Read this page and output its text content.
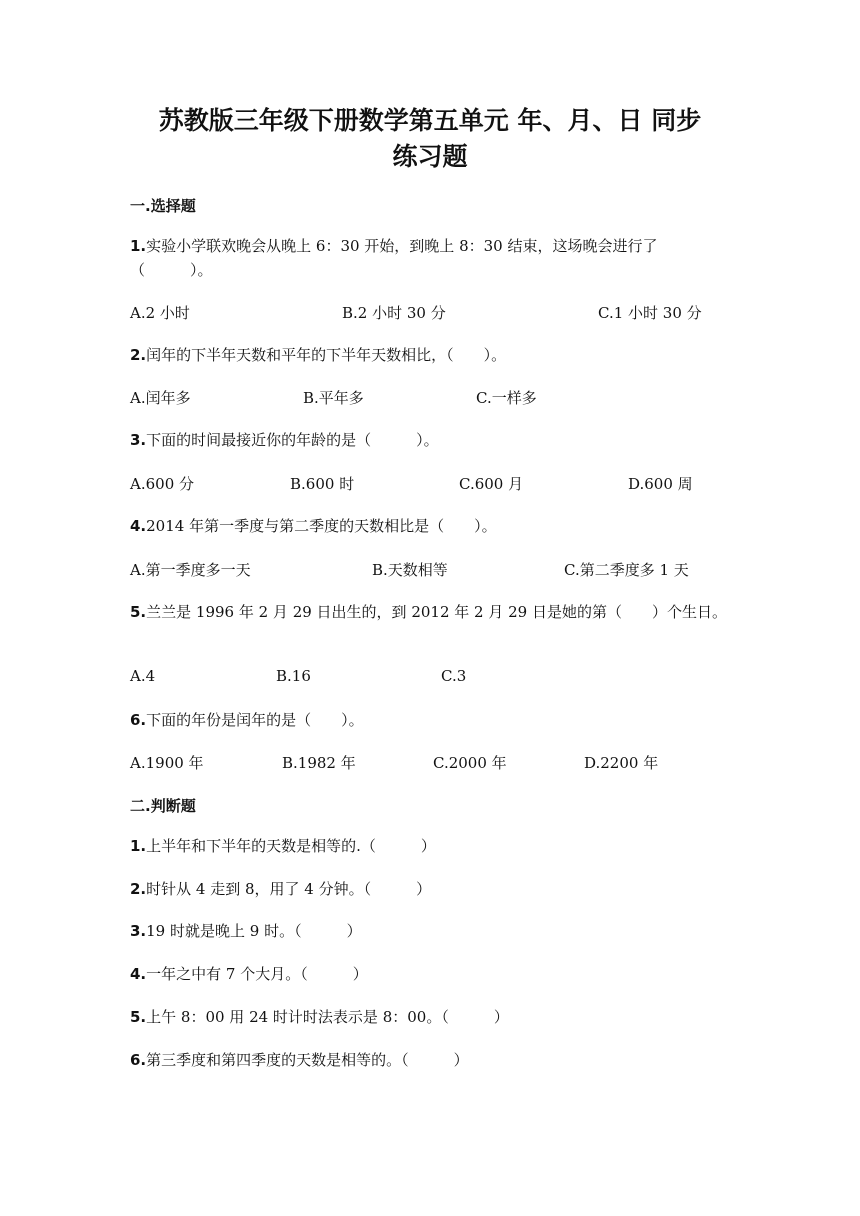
苏教版三年级下册数学第五单元 年、月、日 同步
练习题
一.选择题
1.实验小学联欢晚会从晚上 6：30 开始，到晚上 8：30 结束，这场晚会进行了（　　　）。
A.2 小时	B.2 小时 30 分	C.1 小时 30 分
2.闰年的下半年天数和平年的下半年天数相比，（　　）。
A.闰年多	B.平年多	C.一样多
3.下面的时间最接近你的年龄的是（　　　）。
A.600 分	B.600 时	C.600 月	D.600 周
4.2014 年第一季度与第二季度的天数相比是（　　）。
A.第一季度多一天	B.天数相等	C.第二季度多 1 天
5.兰兰是 1996 年 2 月 29 日出生的，到 2012 年 2 月 29 日是她的第（　　）个生日。
A.4	B.16	C.3
6.下面的年份是闰年的是（　　）。
A.1900 年	B.1982 年	C.2000 年	D.2200 年
二.判断题
1.上半年和下半年的天数是相等的.（　　　）
2.时针从 4 走到 8，用了 4 分钟。（　　　）
3.19 时就是晚上 9 时。（　　　）
4.一年之中有 7 个大月。（　　　）
5.上午 8：00 用 24 时计时法表示是 8：00。（　　　）
6.第三季度和第四季度的天数是相等的。（　　　）
